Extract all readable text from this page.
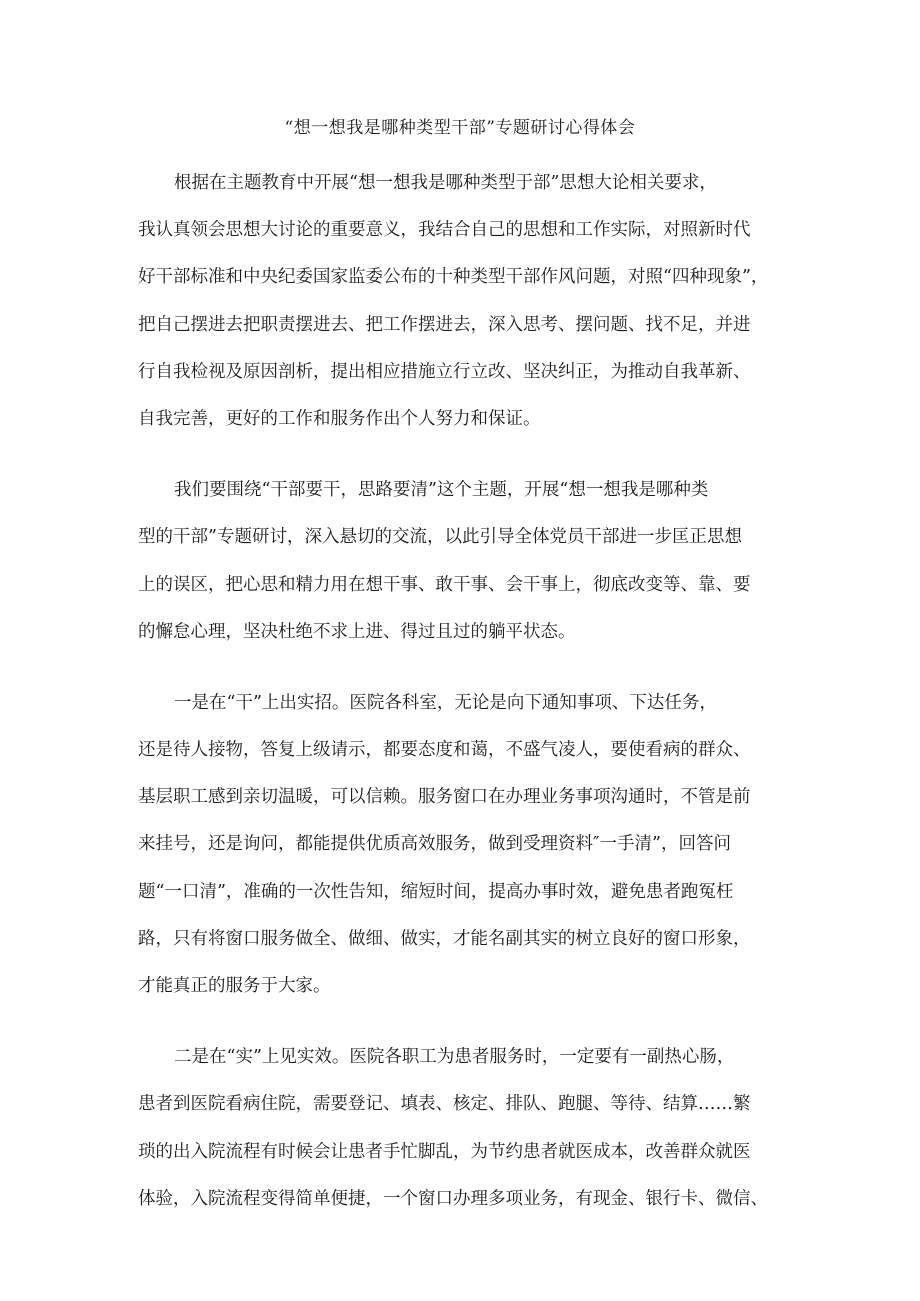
“想一想我是哪种类型干部”专题研讨心得体会
根据在主题教育中开展“想一想我是哪种类型于部”思想大论相关要求，
我认真领会思想大讨论的重要意义，我结合自己的思想和工作实际，对照新时代
好干部标准和中央纪委国家监委公布的十种类型干部作风问题，对照“四种现象”，
把自己摆进去把职责摆进去、把工作摆进去，深入思考、摆问题、找不足，并进
行自我检视及原因剖析，提出相应措施立行立改、坚决纠正，为推动自我革新、
自我完善，更好的工作和服务作出个人努力和保证。
我们要围绕“干部要干，思路要清”这个主题，开展“想一想我是哪种类
型的干部”专题研讨，深入悬切的交流，以此引导全体党员干部进一步匡正思想
上的误区，把心思和精力用在想干事、敢干事、会干事上，彻底改变等、靠、要
的懈怠心理，坚决杜绝不求上进、得过且过的躺平状态。
一是在“干”上出实招。医院各科室，无论是向下通知事项、下达任务，
还是待人接物，答复上级请示，都要态度和蔼，不盛气凌人，要使看病的群众、
基层职工感到亲切温暖，可以信赖。服务窗口在办理业务事项沟通时，不管是前
来挂号，还是询问，都能提供优质高效服务，做到受理资料″一手清”，回答问
题“一口清”，准确的一次性告知，缩短时间，提高办事时效，避免患者跑冤枉
路，只有将窗口服务做全、做细、做实，才能名副其实的树立良好的窗口形象，
才能真正的服务于大家。
二是在“实”上见实效。医院各职工为患者服务时，一定要有一副热心肠，
患者到医院看病住院，需要登记、填表、核定、排队、跑腿、等待、结算……繁
琐的出入院流程有时候会让患者手忙脚乱，为节约患者就医成本，改善群众就医
体验，入院流程变得简单便捷，一个窗口办理多项业务，有现金、银行卡、微信、
